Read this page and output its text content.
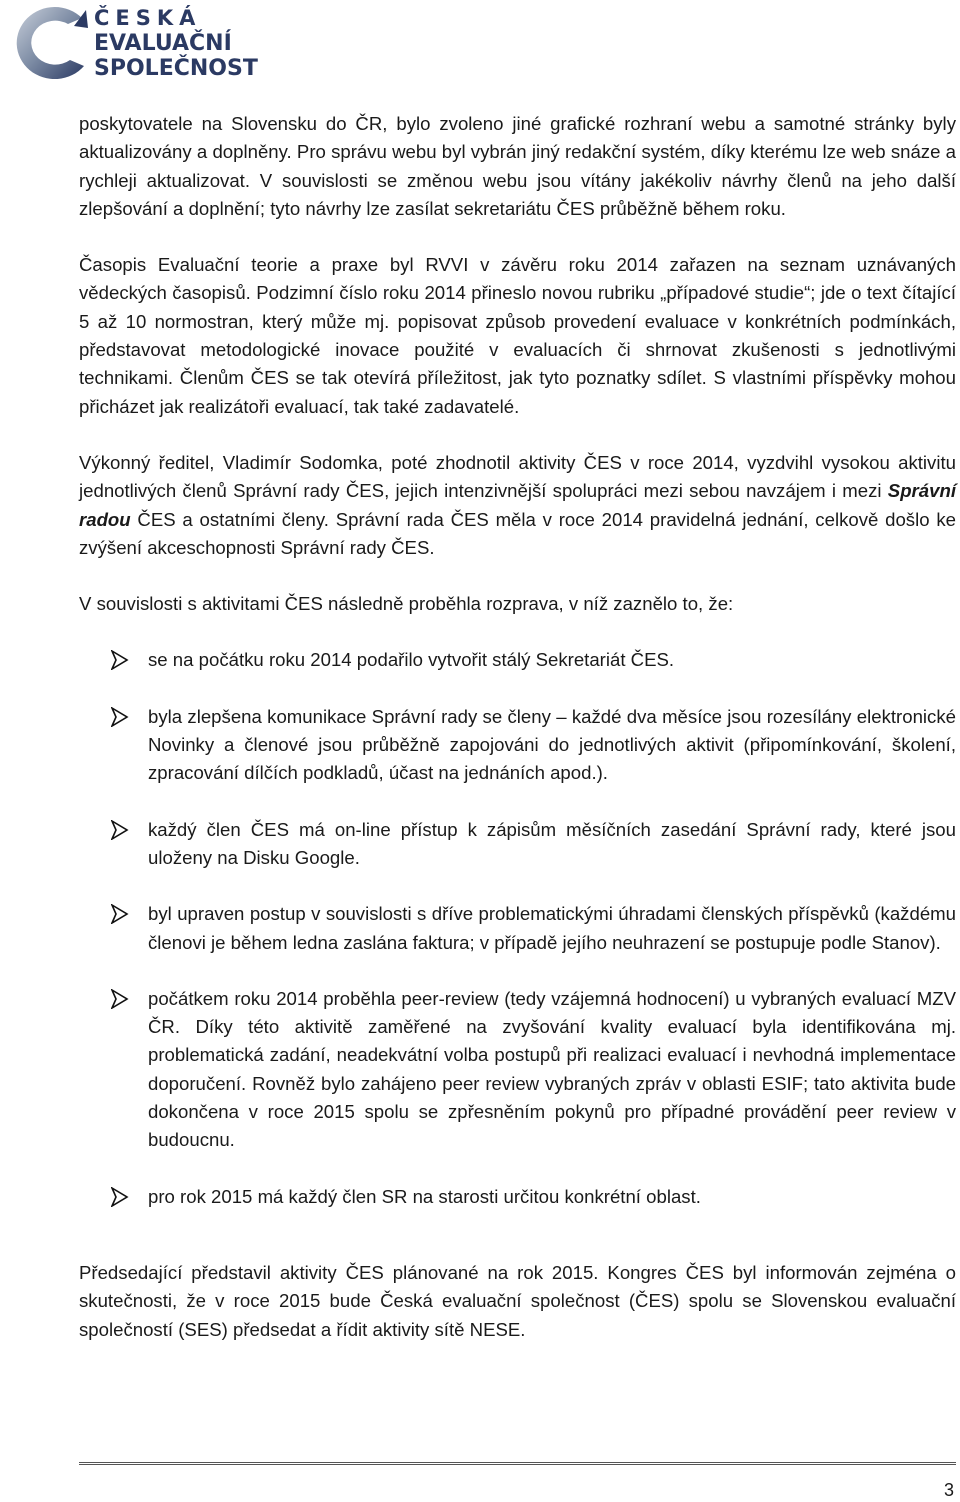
ČESKÁ
EVALUAČNÍ
SPOLEČNOST

poskytovatele na Slovensku do ČR, bylo zvoleno jiné grafické rozhraní webu a samotné stránky byly aktualizovány a doplněny. Pro správu webu byl vybrán jiný redakční systém, díky kterému lze web snáze a rychleji aktualizovat. V souvislosti se změnou webu jsou vítány jakékoliv návrhy členů na jeho další zlepšování a doplnění; tyto návrhy lze zasílat sekretariátu ČES průběžně během roku.

Časopis Evaluační teorie a praxe byl RVVI v závěru roku 2014 zařazen na seznam uznávaných vědeckých časopisů. Podzimní číslo roku 2014 přineslo novou rubriku „případové studie“; jde o text čítající 5 až 10 normostran, který může mj. popisovat způsob provedení evaluace v konkrétních podmínkách, představovat metodologické inovace použité v evaluacích či shrnovat zkušenosti s jednotlivými technikami. Členům ČES se tak otevírá příležitost, jak tyto poznatky sdílet. S vlastními příspěvky mohou přicházet jak realizátoři evaluací, tak také zadavatelé.

Výkonný ředitel, Vladimír Sodomka, poté zhodnotil aktivity ČES v roce 2014, vyzdvihl vysokou aktivitu jednotlivých členů Správní rady ČES, jejich intenzivnější spolupráci mezi sebou navzájem i mezi Správní radou ČES a ostatními členy. Správní rada ČES měla v roce 2014 pravidelná jednání, celkově došlo ke zvýšení akceschopnosti Správní rady ČES.

V souvislosti s aktivitami ČES následně proběhla rozprava, v níž zaznělo to, že:

se na počátku roku 2014 podařilo vytvořit stálý Sekretariát ČES.
byla zlepšena komunikace Správní rady se členy – každé dva měsíce jsou rozesílány elektronické Novinky a členové jsou průběžně zapojováni do jednotlivých aktivit (připomínkování, školení, zpracování dílčích podkladů, účast na jednáních apod.).
každý člen ČES má on-line přístup k zápisům měsíčních zasedání Správní rady, které jsou uloženy na Disku Google.
byl upraven postup v souvislosti s dříve problematickými úhradami členských příspěvků (každému členovi je během ledna zaslána faktura; v případě jejího neuhrazení se postupuje podle Stanov).
počátkem roku 2014 proběhla peer-review (tedy vzájemná hodnocení) u vybraných evaluací MZV ČR. Díky této aktivitě zaměřené na zvyšování kvality evaluací byla identifikována mj. problematická zadání, neadekvátní volba postupů při realizaci evaluací i nevhodná implementace doporučení. Rovněž bylo zahájeno peer review vybraných zpráv v oblasti ESIF; tato aktivita bude dokončena v roce 2015 spolu se zpřesněním pokynů pro případné provádění peer review v budoucnu.
pro rok 2015 má každý člen SR na starosti určitou konkrétní oblast.

Předsedající představil aktivity ČES plánované na rok 2015. Kongres ČES byl informován zejména o skutečnosti, že v roce 2015 bude Česká evaluační společnost (ČES) spolu se Slovenskou evaluační společností (SES) předsedat a řídit aktivity sítě NESE.

3
